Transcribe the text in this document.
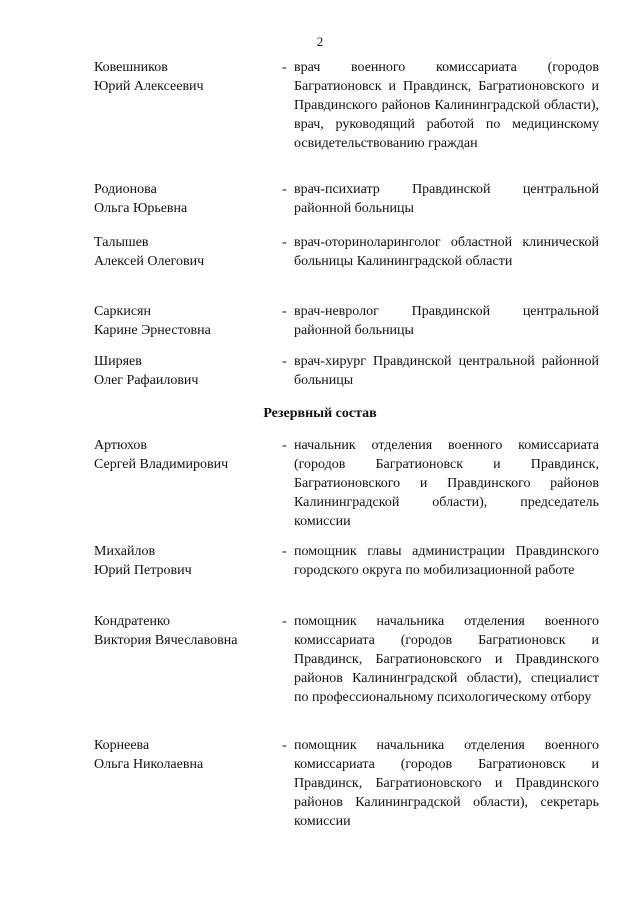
2
Ковешников
Юрий Алексеевич
- врач военного комиссариата (городов Багратионовск и Правдинск, Багратионовского и Правдинского районов Калининградской области), врач, руководящий работой по медицинскому освидетельствованию граждан
Родионова
Ольга Юрьевна
- врач-психиатр Правдинской центральной районной больницы
Талышев
Алексей Олегович
- врач-оториноларинголог областной клинической больницы Калининградской области
Саркисян
Карине Эрнестовна
- врач-невролог Правдинской центральной районной больницы
Ширяев
Олег Рафаилович
- врач-хирург Правдинской центральной районной больницы
Резервный состав
Артюхов
Сергей Владимирович
- начальник отделения военного комиссариата (городов Багратионовск и Правдинск, Багратионовского и Правдинского районов Калининградской области), председатель комиссии
Михайлов
Юрий Петрович
- помощник главы администрации Правдинского городского округа по мобилизационной работе
Кондратенко
Виктория Вячеславовна
- помощник начальника отделения военного комиссариата (городов Багратионовск и Правдинск, Багратионовского и Правдинского районов Калининградской области), специалист по профессиональному психологическому отбору
Корнеева
Ольга Николаевна
- помощник начальника отделения военного комиссариата (городов Багратионовск и Правдинск, Багратионовского и Правдинского районов Калининградской области), секретарь комиссии
